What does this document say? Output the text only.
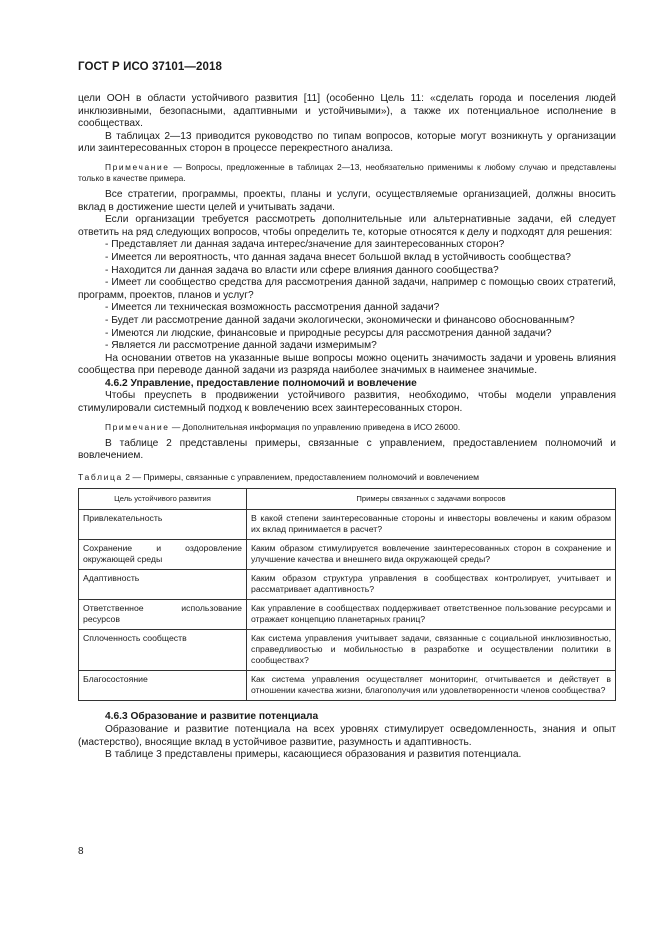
ГОСТ Р ИСО 37101—2018

цели ООН в области устойчивого развития [11] (особенно Цель 11: «сделать города и поселения людей инклюзивными, безопасными, адаптивными и устойчивыми»), а также их потенциальное исполнение в сообществах.

В таблицах 2—13 приводится руководство по типам вопросов, которые могут возникнуть у организации или заинтересованных сторон в процессе перекрестного анализа.

Примечание — Вопросы, предложенные в таблицах 2—13, необязательно применимы к любому случаю и представлены только в качестве примера.

Все стратегии, программы, проекты, планы и услуги, осуществляемые организацией, должны вносить вклад в достижение шести целей и учитывать задачи.

Если организации требуется рассмотреть дополнительные или альтернативные задачи, ей следует ответить на ряд следующих вопросов, чтобы определить те, которые относятся к делу и подходят для решения:

- Представляет ли данная задача интерес/значение для заинтересованных сторон?

- Имеется ли вероятность, что данная задача внесет большой вклад в устойчивость сообщества?

- Находится ли данная задача во власти или сфере влияния данного сообщества?

- Имеет ли сообщество средства для рассмотрения данной задачи, например с помощью своих стратегий, программ, проектов, планов и услуг?

- Имеется ли техническая возможность рассмотрения данной задачи?

- Будет ли рассмотрение данной задачи экологически, экономически и финансово обоснованным?

- Имеются ли людские, финансовые и природные ресурсы для рассмотрения данной задачи?

- Является ли рассмотрение данной задачи измеримым?

На основании ответов на указанные выше вопросы можно оценить значимость задачи и уровень влияния сообщества при переводе данной задачи из разряда наиболее значимых в наименее значимые.

4.6.2 Управление, предоставление полномочий и вовлечение

Чтобы преуспеть в продвижении устойчивого развития, необходимо, чтобы модели управления стимулировали системный подход к вовлечению всех заинтересованных сторон.

Примечание — Дополнительная информация по управлению приведена в ИСО 26000.

В таблице 2 представлены примеры, связанные с управлением, предоставлением полномочий и вовлечением.

Таблица 2 — Примеры, связанные с управлением, предоставлением полномочий и вовлечением

Цель устойчивого развития	Примеры связанных с задачами вопросов
Привлекательность	В какой степени заинтересованные стороны и инвесторы вовлечены и каким образом их вклад принимается в расчет?
Сохранение и оздоровление окружающей среды	Каким образом стимулируется вовлечение заинтересованных сторон в сохранение и улучшение качества и внешнего вида окружающей среды?
Адаптивность	Каким образом структура управления в сообществах контролирует, учитывает и рассматривает адаптивность?
Ответственное использование ресурсов	Как управление в сообществах поддерживает ответственное пользование ресурсами и отражает концепцию планетарных границ?
Сплоченность сообществ	Как система управления учитывает задачи, связанные с социальной инклюзивностью, справедливостью и мобильностью в разработке и осуществлении политики в сообществах?
Благосостояние	Как система управления осуществляет мониторинг, отчитывается и действует в отношении качества жизни, благополучия или удовлетворенности членов сообщества?

4.6.3 Образование и развитие потенциала

Образование и развитие потенциала на всех уровнях стимулирует осведомленность, знания и опыт (мастерство), вносящие вклад в устойчивое развитие, разумность и адаптивность.

В таблице 3 представлены примеры, касающиеся образования и развития потенциала.

8
